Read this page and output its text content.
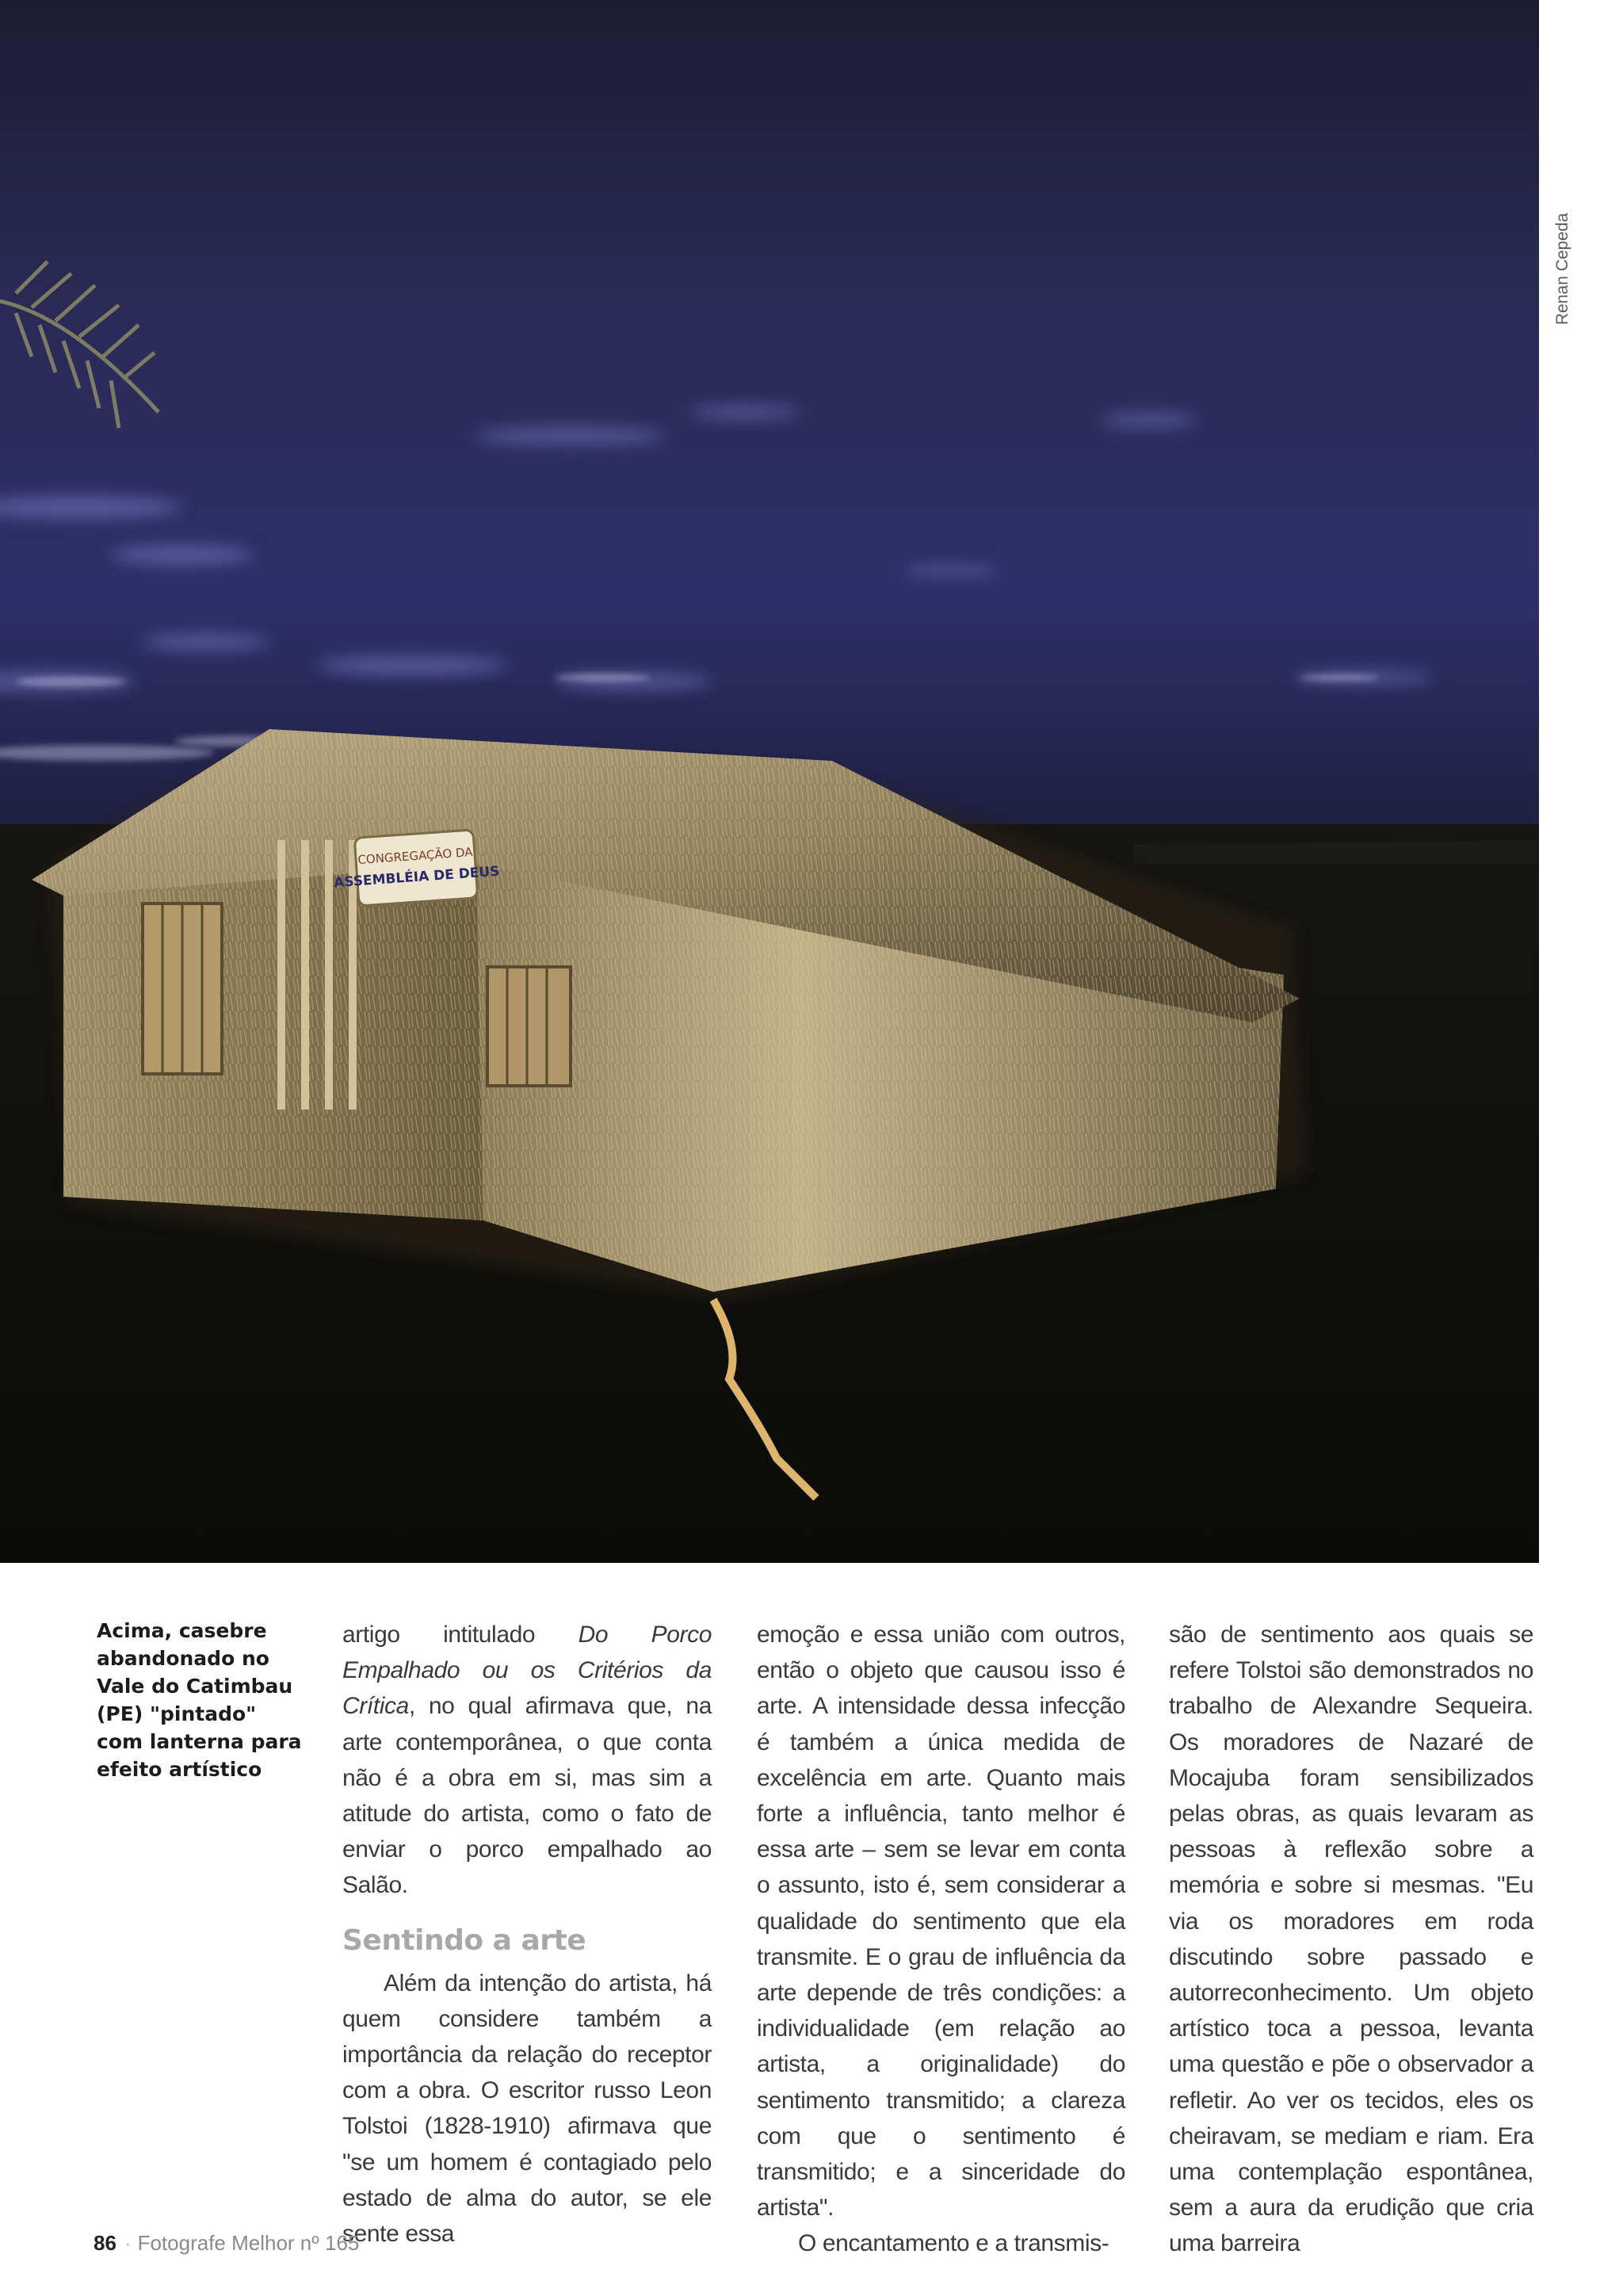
CONGREGAÇÃO DA
ASSEMBLÉIA DE DEUS
Renan Cepeda
Acima, casebre abandonado no Vale do Catimbau (PE) "pintado" com lanterna para efeito artístico

artigo intitulado Do Porco Empalhado ou os Critérios da Crítica, no qual afirmava que, na arte contemporânea, o que conta não é a obra em si, mas sim a atitude do artista, como o fato de enviar o porco empalhado ao Salão.

Sentindo a arte

Além da intenção do artista, há quem considere também a importância da relação do receptor com a obra. O escritor russo Leon Tolstoi (1828-1910) afirmava que "se um homem é contagiado pelo estado de alma do autor, se ele sente essa

emoção e essa união com outros, então o objeto que causou isso é arte. A intensidade dessa infecção é também a única medida de excelência em arte. Quanto mais forte a influência, tanto melhor é essa arte – sem se levar em conta o assunto, isto é, sem considerar a qualidade do sentimento que ela transmite. E o grau de influência da arte depende de três condições: a individualidade (em relação ao artista, a originalidade) do sentimento transmitido; a clareza com que o sentimento é transmitido; e a sinceridade do artista".

O encantamento e a transmis-

são de sentimento aos quais se refere Tolstoi são demonstrados no trabalho de Alexandre Sequeira. Os moradores de Nazaré de Mocajuba foram sensibilizados pelas obras, as quais levaram as pessoas à reflexão sobre a memória e sobre si mesmas. "Eu via os moradores em roda discutindo sobre passado e autorreconhecimento. Um objeto artístico toca a pessoa, levanta uma questão e põe o observador a refletir. Ao ver os tecidos, eles os cheiravam, se mediam e riam. Era uma contemplação espontânea, sem a aura da erudição que cria uma barreira

86 · Fotografe Melhor nº 165
